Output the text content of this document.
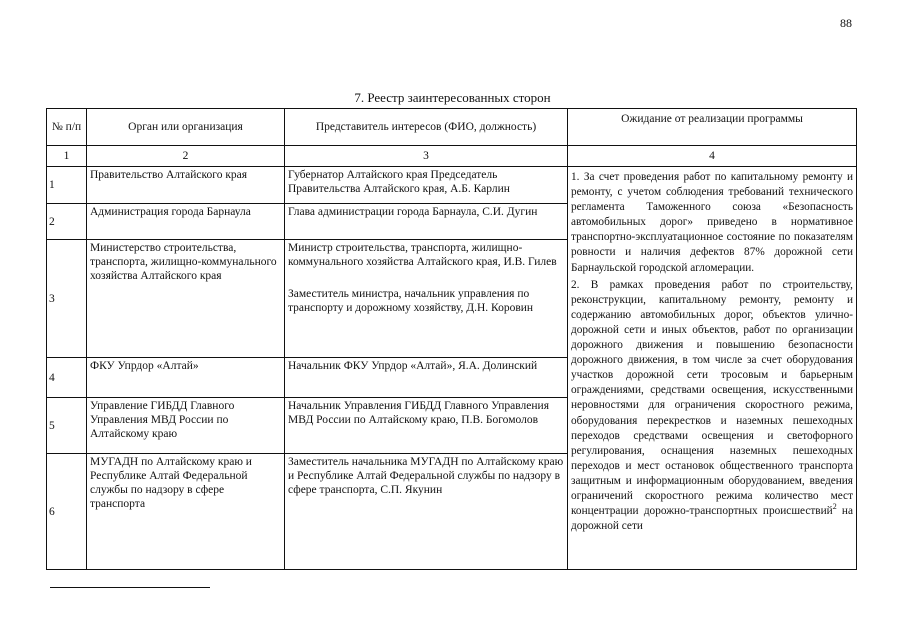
88
7. Реестр заинтересованных сторон
№ п/п	Орган или организация	Представитель интересов (ФИО, должность)	Ожидание от реализации программы
1	2	3	4
1	Правительство Алтайского края	Губернатор Алтайского края Председатель Правительства Алтайского края, А.Б. Карлин	1. За счет проведения работ по капитальному ремонту и ремонту, с учетом соблюдения требований технического регламента Таможенного союза «Безопасность автомобильных дорог» приведено в нормативное транспортно-эксплуатационное состояние по показателям ровности и наличия дефектов 87% дорожной сети Барнаульской городской агломерации.

2. В рамках проведения работ по строительству, реконструкции, капитальному ремонту, ремонту и содержанию автомобильных дорог, объектов улично-дорожной сети и иных объектов, работ по организации дорожного движения и повышению безопасности дорожного движения, в том числе за счет оборудования участков дорожной сети тросовым и барьерным ограждениями, средствами освещения, искусственными неровностями для ограничения скоростного режима, оборудования перекрестков и наземных пешеходных переходов средствами освещения и светофорного регулирования, оснащения наземных пешеходных переходов и мест остановок общественного транспорта защитным и информационным оборудованием, введения ограничений скоростного режима количество мест концентрации дорожно-транспортных происшествий$^2$ на дорожной сети

2	Администрация города Барнаула	Глава администрации города Барнаула, С.И. Дугин	

3	Министерство строительства, транспорта, жилищно-коммунального хозяйства Алтайского края	Министр строительства, транспорта, жилищно-коммунального хозяйства Алтайского края, И.В. Гилев
Заместитель министра, начальник управления по транспорту и дорожному хозяйству, Д.Н. Коровин	

4	ФКУ Упрдор «Алтай»	Начальник ФКУ Упрдор «Алтай», Я.А. Долинский	

5	Управление ГИБДД Главного Управления МВД России по Алтайскому краю	Начальник Управления ГИБДД Главного Управления МВД России по Алтайскому краю, П.В. Богомолов	

6	МУГАДН по Алтайскому краю и Республике Алтай Федеральной службы по надзору в сфере транспорта	Заместитель начальника МУГАДН по Алтайскому краю и Республике Алтай Федеральной службы по надзору в сфере транспорта, С.П. Якунин	
